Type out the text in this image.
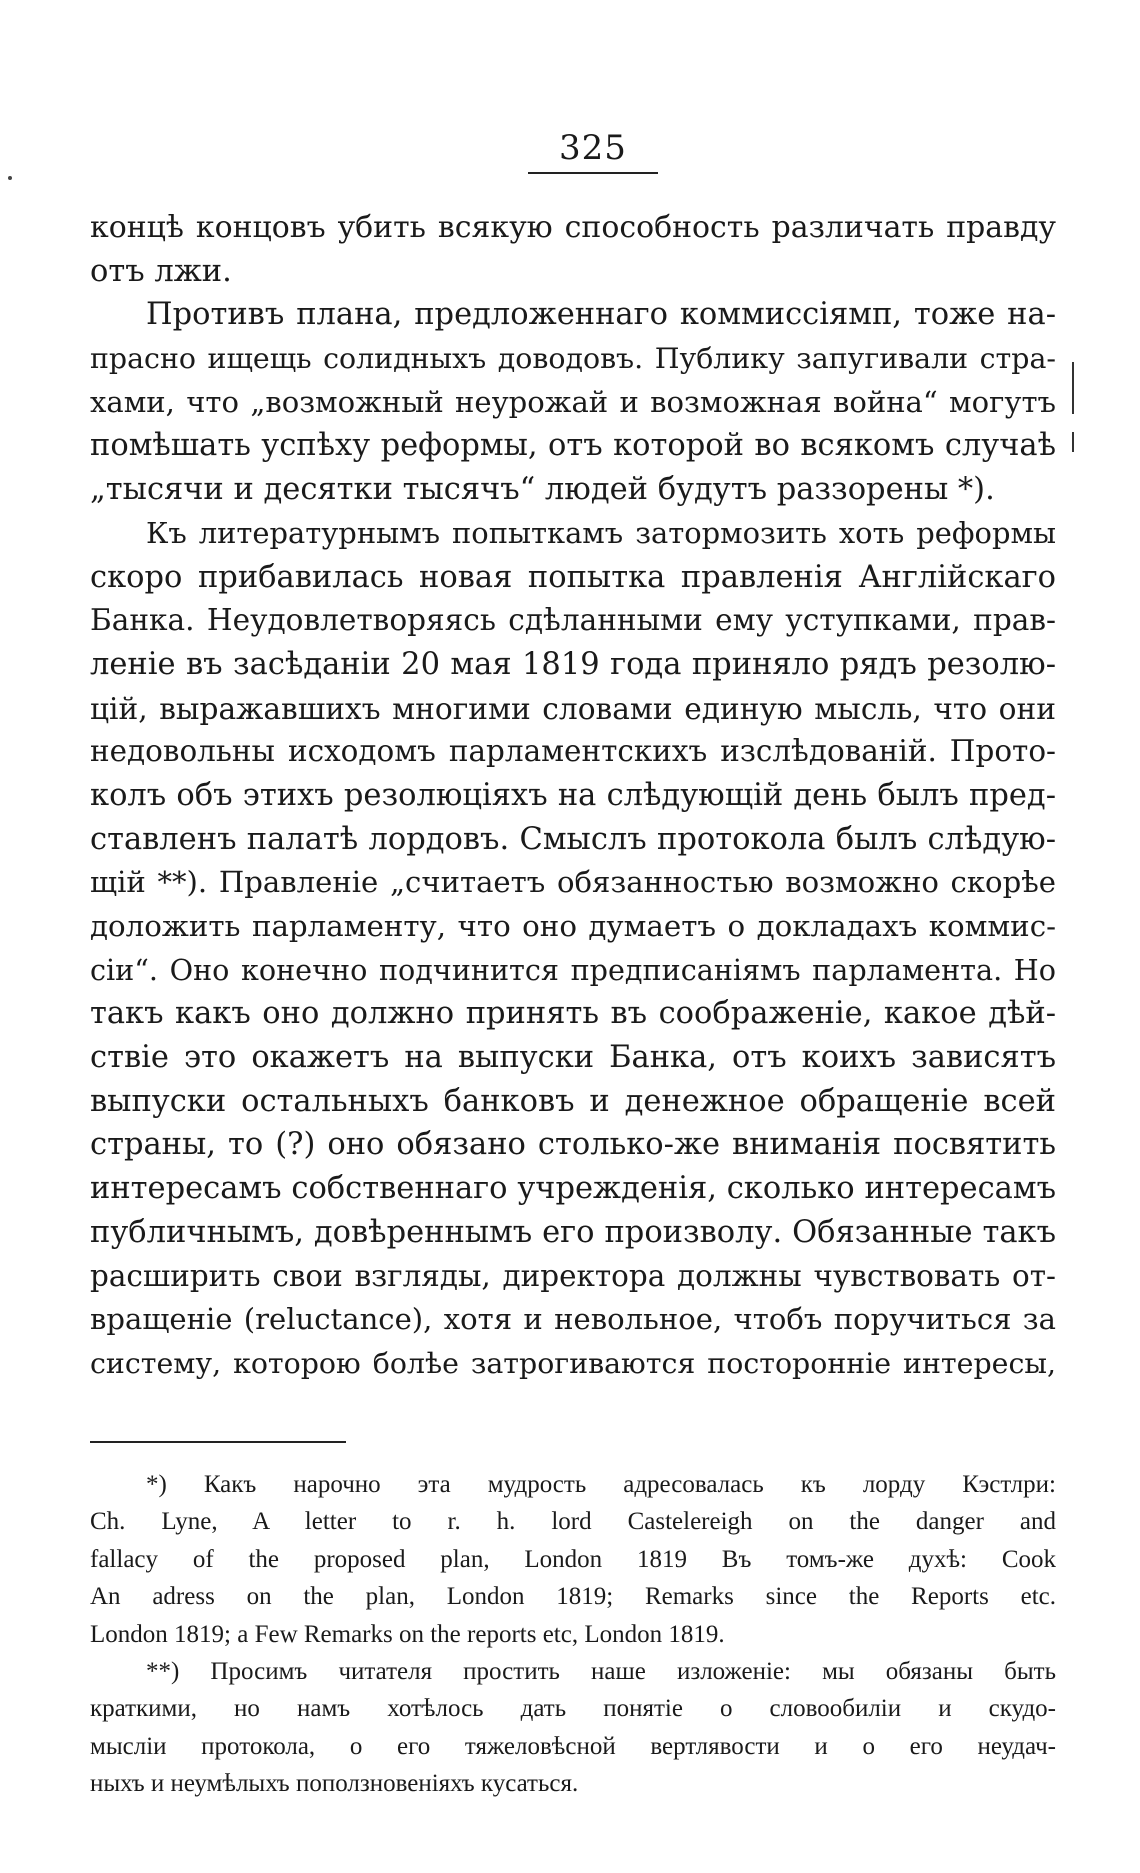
325
концѣ концовъ убить всякую способность различать правду
отъ лжи.
Противъ плана, предложеннаго коммиссіямп, тоже на-
прасно ищещь солидныхъ доводовъ. Публику запугивали стра-
хами, что „возможный неурожай и возможная война“ могутъ
помѣшать успѣху реформы, отъ которой во всякомъ случаѣ
„тысячи и десятки тысячъ“ людей будутъ раззорены *).
Къ литературнымъ попыткамъ затормозить хоть реформы
скоро прибавилась новая попытка правленія Англійскаго
Банка. Неудовлетворяясь сдѣланными ему уступками, прав-
леніе въ засѣданіи 20 мая 1819 года приняло рядъ резолю-
цій, выражавшихъ многими словами единую мысль, что они
недовольны исходомъ парламентскихъ изслѣдованій. Прото-
колъ объ этихъ резолюціяхъ на слѣдующій день былъ пред-
ставленъ палатѣ лордовъ. Смыслъ протокола былъ слѣдую-
щій **). Правленіе „считаетъ обязанностью возможно скорѣе
доложить парламенту, что оно думаетъ о докладахъ коммис-
сіи“. Оно конечно подчинится предписаніямъ парламента. Но
такъ какъ оно должно принять въ соображеніе, какое дѣй-
ствіе это окажетъ на выпуски Банка, отъ коихъ зависятъ
выпуски остальныхъ банковъ и денежное обращеніе всей
страны, то (?) оно обязано столько-же вниманія посвятить
интересамъ собственнаго учрежденія, сколько интересамъ
публичнымъ, довѣреннымъ его произволу. Обязанные такъ
расширить свои взгляды, директора должны чувствовать от-
вращеніе (reluctance), хотя и невольное, чтобъ поручиться за
систему, которою болѣе затрогиваются посторонніе интересы,
*) Какъ нарочно эта мудрость адресовалась къ лорду Кэстлри:
Ch. Lyne, A letter to r. h. lord Castelereigh on the danger and
fallacy of the proposed plan, London 1819 Въ томъ-же духѣ: Cook
An adress on the plan, London 1819; Remarks since the Reports etc.
London 1819; a Few Remarks on the reports etc, London 1819.
**) Просимъ читателя простить наше изложеніе: мы обязаны быть
краткими, но намъ хотѣлось дать понятіе о словообиліи и скудо-
мысліи протокола, о его тяжеловѣсной вертлявости и о его неудач-
ныхъ и неумѣлыхъ поползновеніяхъ кусаться.
